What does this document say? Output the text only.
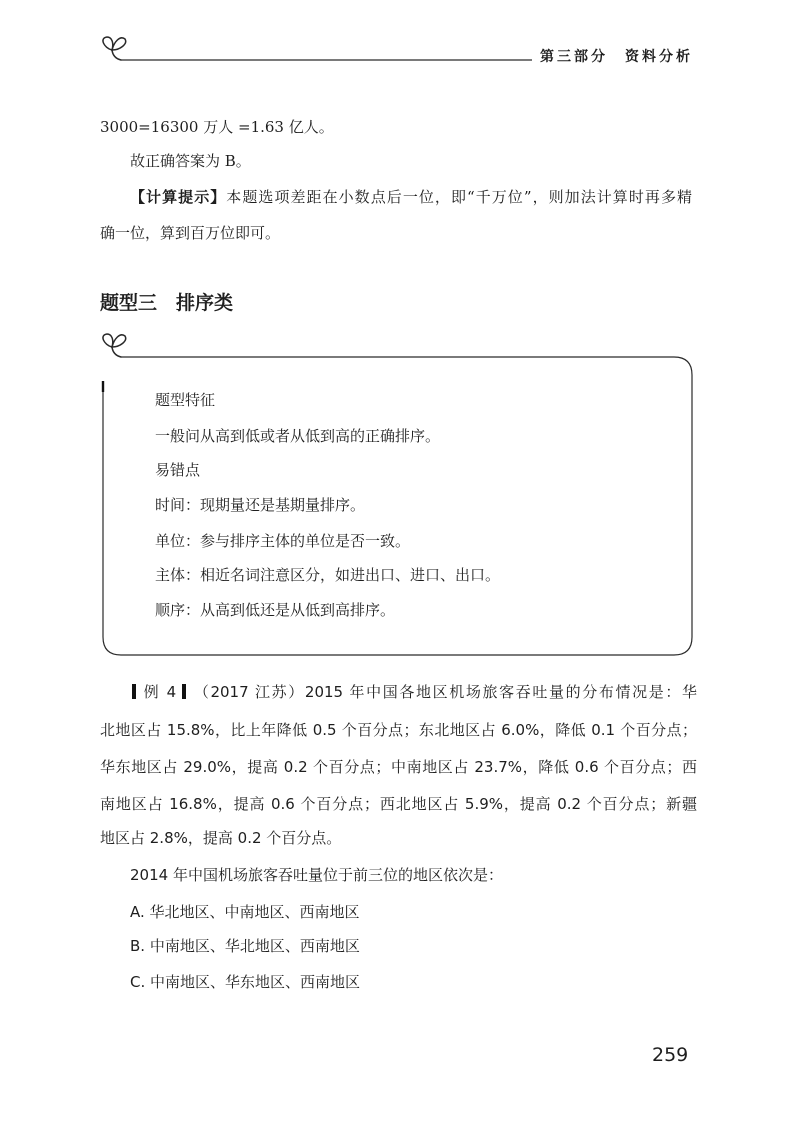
第三部分　资料分析
3000=16300 万人 =1.63 亿人。
故正确答案为 B。
【计算提示】本题选项差距在小数点后一位，即“千万位”，则加法计算时再多精
确一位，算到百万位即可。
题型三　排序类
题型特征
一般问从高到低或者从低到高的正确排序。
易错点
时间：现期量还是基期量排序。
单位：参与排序主体的单位是否一致。
主体：相近名词注意区分，如进出口、进口、出口。
顺序：从高到低还是从低到高排序。
例 4 （2017 江苏）2015 年中国各地区机场旅客吞吐量的分布情况是：华
北地区占 15.8%，比上年降低 0.5 个百分点；东北地区占 6.0%，降低 0.1 个百分点；
华东地区占 29.0%，提高 0.2 个百分点；中南地区占 23.7%，降低 0.6 个百分点；西
南地区占 16.8%，提高 0.6 个百分点；西北地区占 5.9%，提高 0.2 个百分点；新疆
地区占 2.8%，提高 0.2 个百分点。
2014 年中国机场旅客吞吐量位于前三位的地区依次是：
A. 华北地区、中南地区、西南地区
B. 中南地区、华北地区、西南地区
C. 中南地区、华东地区、西南地区
259
